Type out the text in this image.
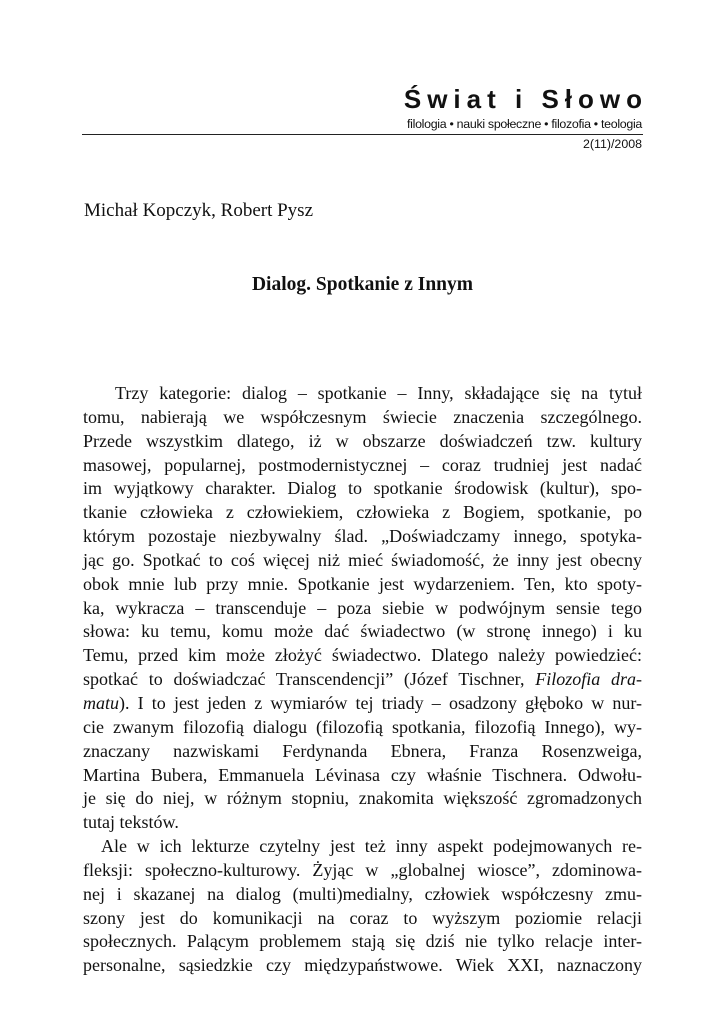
Świat i Słowo
filologia • nauki społeczne • filozofia • teologia
2(11)/2008
Michał Kopczyk, Robert Pysz
Dialog. Spotkanie z Innym
Trzy kategorie: dialog – spotkanie – Inny, składające się na tytuł
tomu, nabierają we współczesnym świecie znaczenia szczególnego.
Przede wszystkim dlatego, iż w obszarze doświadczeń tzw. kultury
masowej, popularnej, postmodernistycznej – coraz trudniej jest nadać
im wyjątkowy charakter. Dialog to spotkanie środowisk (kultur), spo-
tkanie człowieka z człowiekiem, człowieka z Bogiem, spotkanie, po
którym pozostaje niezbywalny ślad. „Doświadczamy innego, spotyka-
jąc go. Spotkać to coś więcej niż mieć świadomość, że inny jest obecny
obok mnie lub przy mnie. Spotkanie jest wydarzeniem. Ten, kto spoty-
ka, wykracza – transcenduje – poza siebie w podwójnym sensie tego
słowa: ku temu, komu może dać świadectwo (w stronę innego) i ku
Temu, przed kim może złożyć świadectwo. Dlatego należy powiedzieć:
spotkać to doświadczać Transcendencji” (Józef Tischner, Filozofia dra-
matu). I to jest jeden z wymiarów tej triady – osadzony głęboko w nur-
cie zwanym filozofią dialogu (filozofią spotkania, filozofią Innego), wy-
znaczany nazwiskami Ferdynanda Ebnera, Franza Rosenzweiga,
Martina Bubera, Emmanuela Lévinasa czy właśnie Tischnera. Odwołu-
je się do niej, w różnym stopniu, znakomita większość zgromadzonych
tutaj tekstów.
Ale w ich lekturze czytelny jest też inny aspekt podejmowanych re-
fleksji: społeczno-kulturowy. Żyjąc w „globalnej wiosce”, zdominowa-
nej i skazanej na dialog (multi)medialny, człowiek współczesny zmu-
szony jest do komunikacji na coraz to wyższym poziomie relacji
społecznych. Palącym problemem stają się dziś nie tylko relacje inter-
personalne, sąsiedzkie czy międzypaństwowe. Wiek XXI, naznaczony
